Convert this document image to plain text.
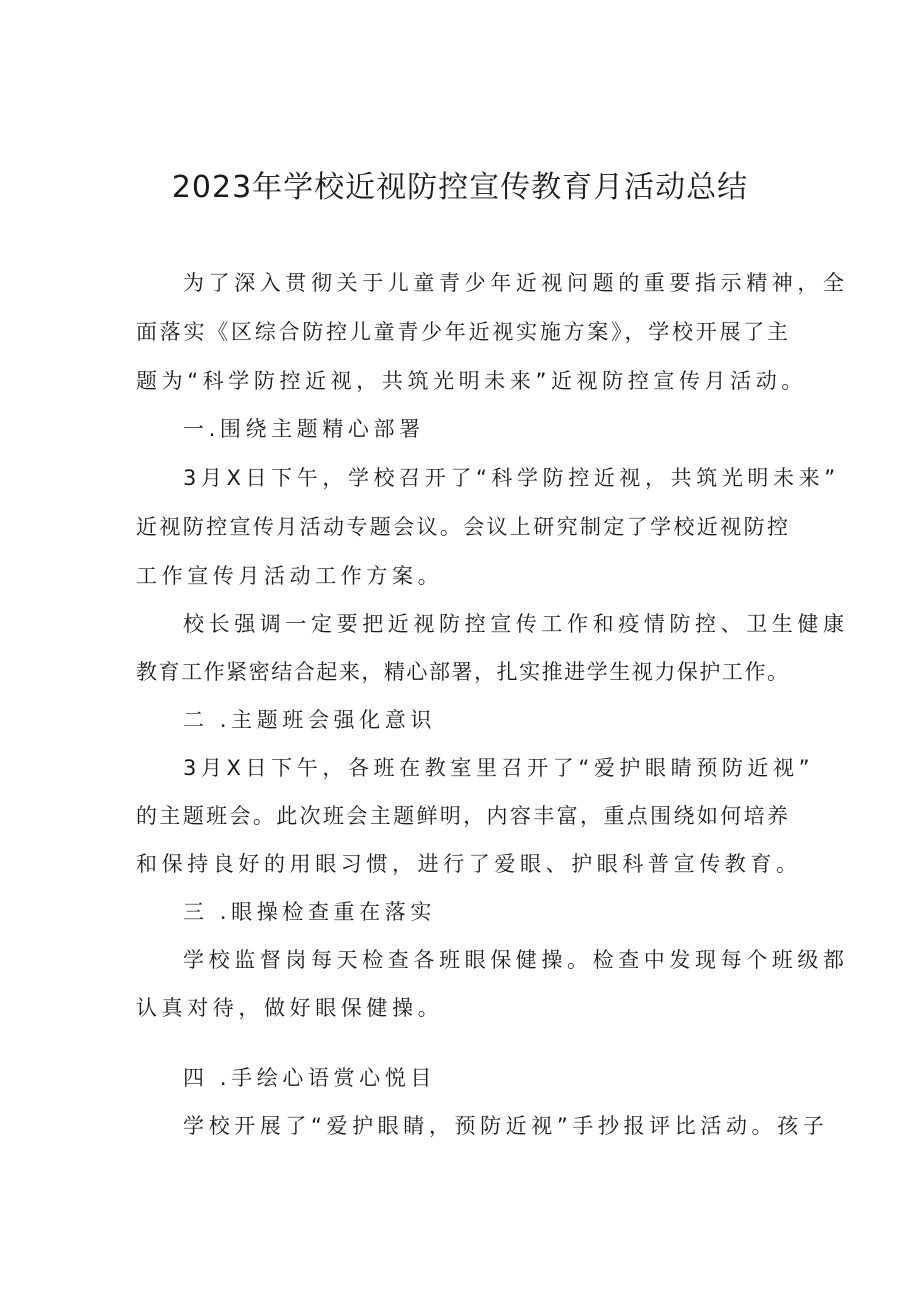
2023年学校近视防控宣传教育月活动总结

为了深入贯彻关于儿童青少年近视问题的重要指示精神，全

面落实《区综合防控儿童青少年近视实施方案》，学校开展了主

题为“科学防控近视，共筑光明未来”近视防控宣传月活动。

一.围绕主题精心部署

3月X日下午，学校召开了“科学防控近视，共筑光明未来”

近视防控宣传月活动专题会议。会议上研究制定了学校近视防控

工作宣传月活动工作方案。

校长强调一定要把近视防控宣传工作和疫情防控、卫生健康

教育工作紧密结合起来，精心部署，扎实推进学生视力保护工作。

二 .主题班会强化意识

3月X日下午，各班在教室里召开了“爱护眼睛预防近视”

的主题班会。此次班会主题鲜明，内容丰富，重点围绕如何培养

和保持良好的用眼习惯，进行了爱眼、护眼科普宣传教育。

三 .眼操检查重在落实

学校监督岗每天检查各班眼保健操。检查中发现每个班级都

认真对待，做好眼保健操。

四 .手绘心语赏心悦目

学校开展了“爱护眼睛，预防近视”手抄报评比活动。孩子
